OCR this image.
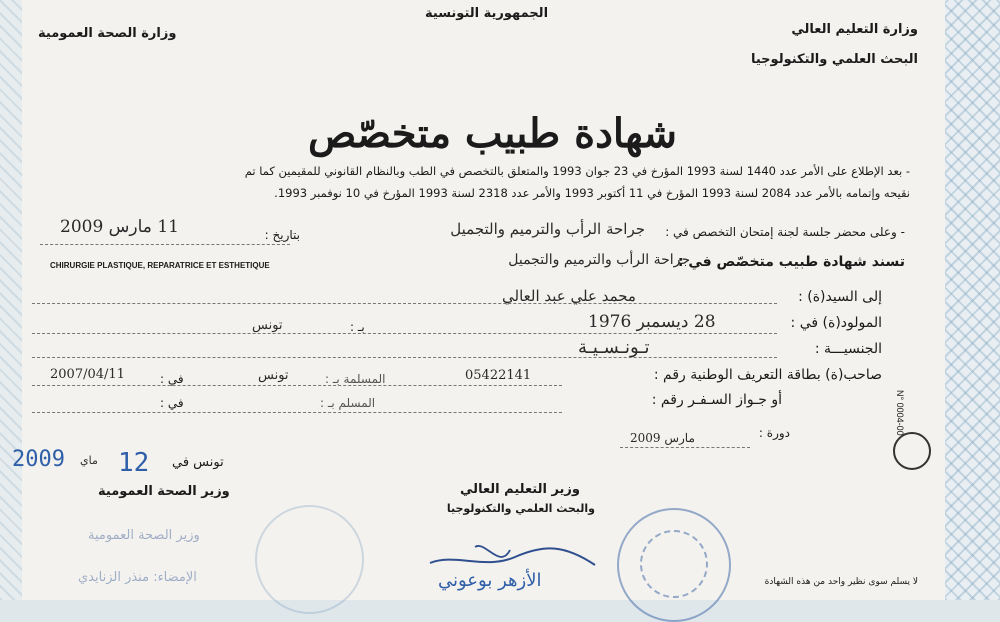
الجمهورية التونسية
وزارة الصحة العمومية	وزارة التعليم العالي
البحث العلمي والتكنولوجيا
شهادة طبيب متخصّص
- بعد الإطلاع على الأمر عدد 1440 لسنة 1993 المؤرخ في 23 جوان 1993 والمتعلق بالتخصص في الطب وبالنظام القانوني للمقيمين كما تم
نقيحه وإتمامه بالأمر عدد 2084 لسنة 1993 المؤرخ في 11 أكتوبر 1993 والأمر عدد 2318 لسنة 1993 المؤرخ في 10 نوفمبر 1993.
- وعلى محضر جلسة لجنة إمتحان التخصص في :
جراحة الرأب والترميم والتجميل
بتاريخ :
11 مارس 2009
تسند شهادة طبيب متخصّص في :
جراحة الرأب والترميم والتجميل
CHIRURGIE PLASTIQUE, REPARATRICE ET ESTHETIQUE
إلى السيد(ة) :
محمد علي عبد العالي
المولود(ة) في :
28 ديسمبر 1976
بـ :
تونس
الجنسيـــة :
تـونـسـيـة
صاحب(ة) بطاقة التعريف الوطنية رقم :
05422141
المسلمة بـ :
تونس
في :
2007/04/11
أو جـواز السـفـر رقم :
المسلم بـ :
في :
دورة :
مارس 2009
تونس في
12
ماي
2009
وزير الصحة العمومية	وزير التعليم العالي
والبحث العلمي والتكنولوجيا
وزير الصحة العمومية
الإمضاء: منذر الزنايدي	الأزهر بوعوني	لا يسلم سوى نظير واحد من هذه الشهادة
N° 0004-00
